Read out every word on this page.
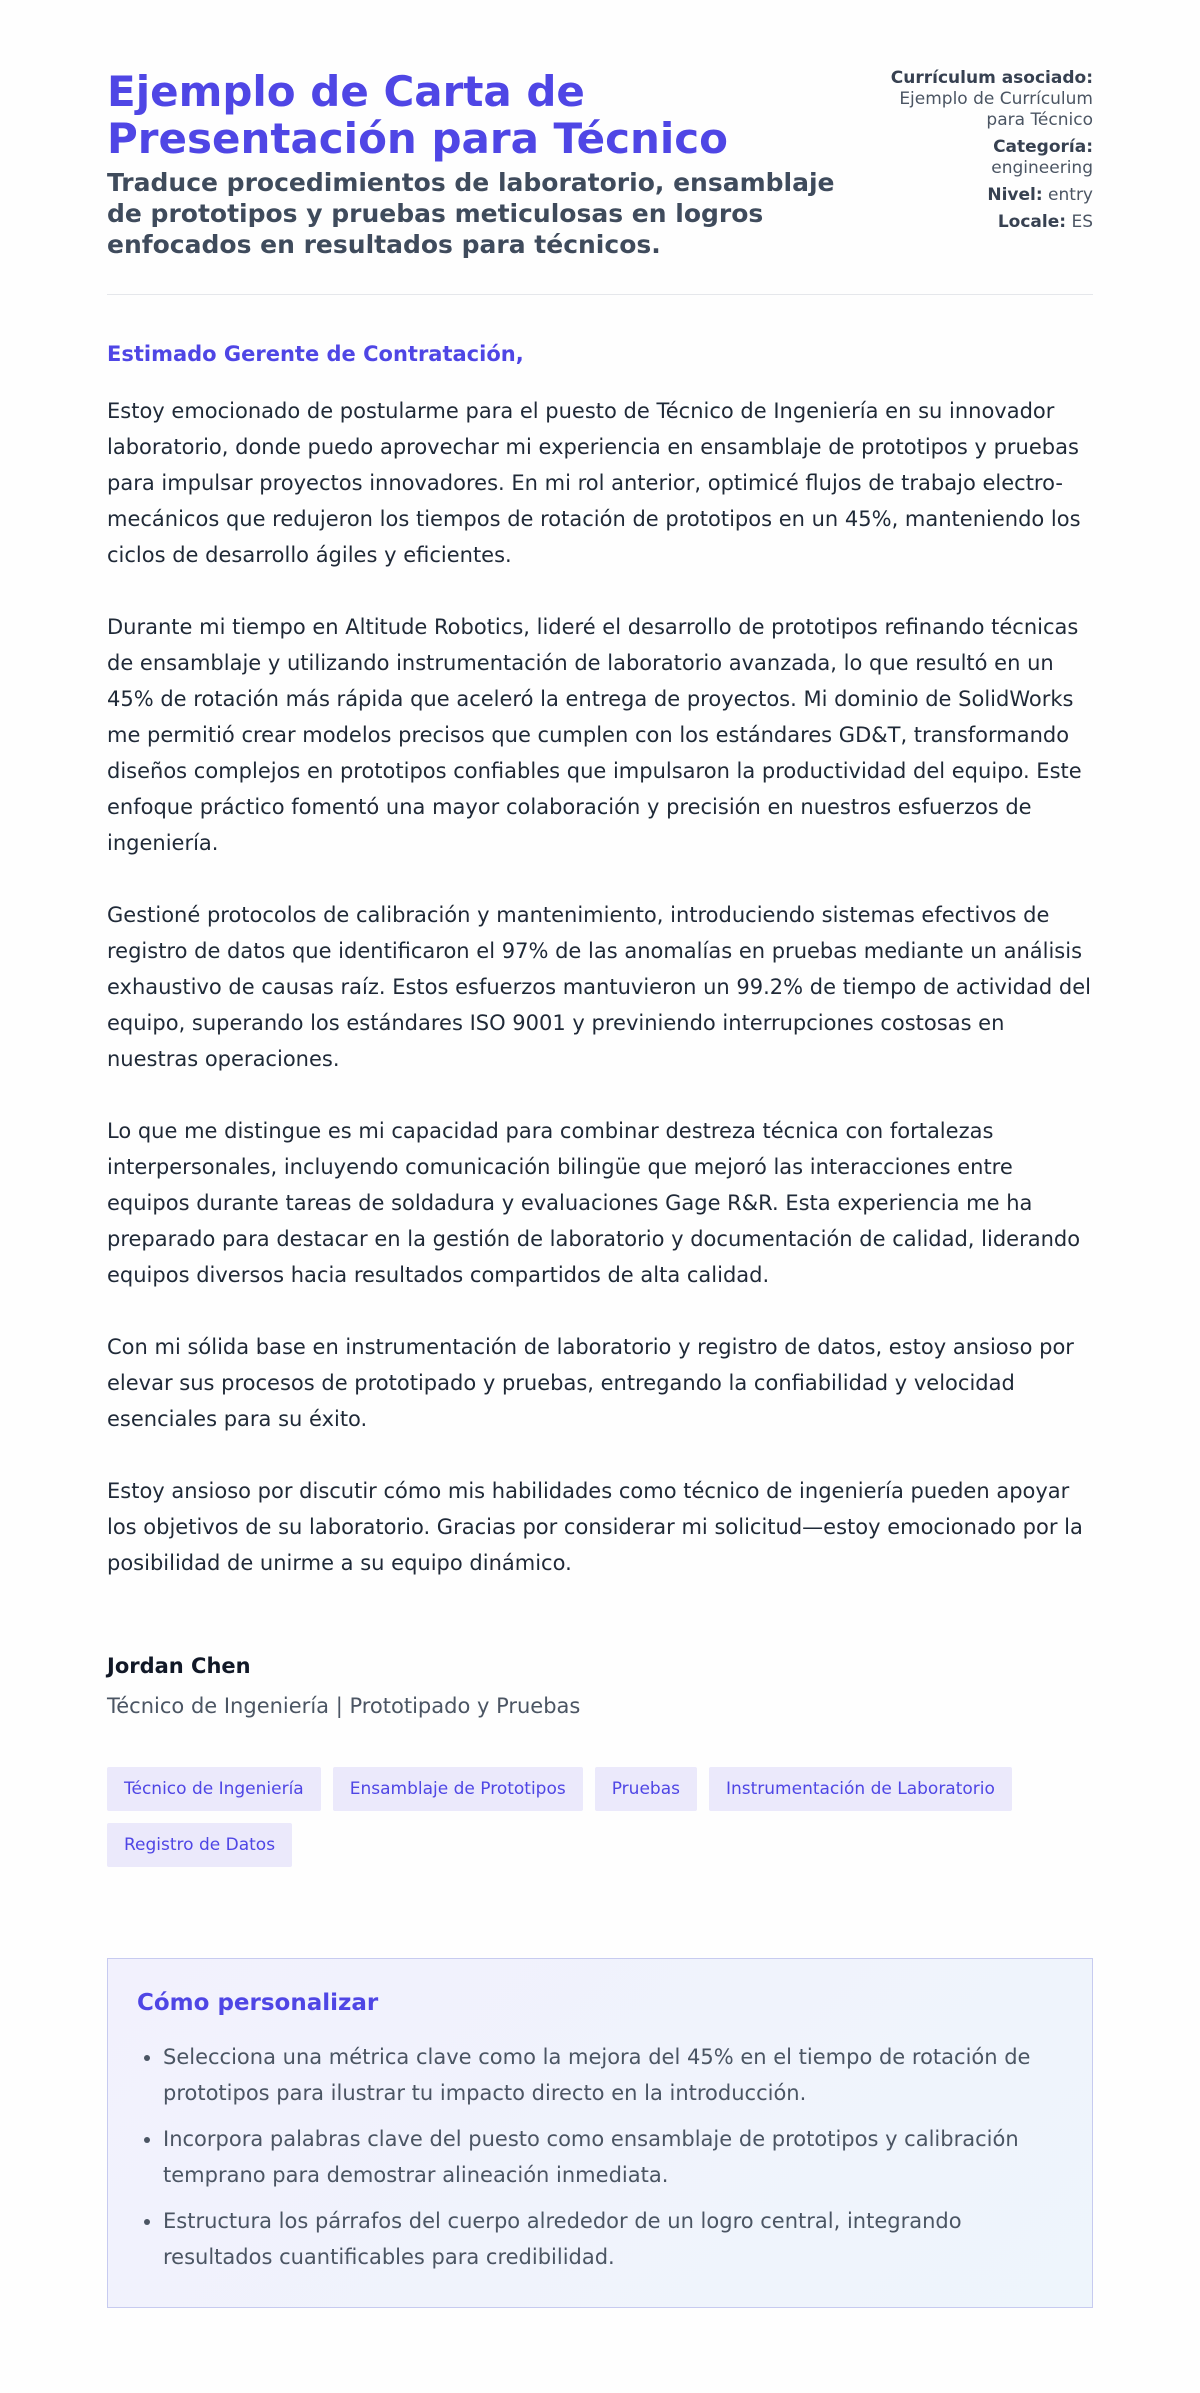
Ejemplo de Carta de Presentación para Técnico
Traduce procedimientos de laboratorio, ensamblaje de prototipos y pruebas meticulosas en logros enfocados en resultados para técnicos.
Currículum asociado: Ejemplo de Currículum para Técnico
Categoría:
engineering
Nivel: entry
Locale: ES

Estimado Gerente de Contratación,

Estoy emocionado de postularme para el puesto de Técnico de Ingeniería en su innovador laboratorio, donde puedo aprovechar mi experiencia en ensamblaje de prototipos y pruebas para impulsar proyectos innovadores. En mi rol anterior, optimicé flujos de trabajo electro-mecánicos que redujeron los tiempos de rotación de prototipos en un 45%, manteniendo los ciclos de desarrollo ágiles y eficientes.

Durante mi tiempo en Altitude Robotics, lideré el desarrollo de prototipos refinando técnicas de ensamblaje y utilizando instrumentación de laboratorio avanzada, lo que resultó en un 45% de rotación más rápida que aceleró la entrega de proyectos. Mi dominio de SolidWorks me permitió crear modelos precisos que cumplen con los estándares GD&T, transformando diseños complejos en prototipos confiables que impulsaron la productividad del equipo. Este enfoque práctico fomentó una mayor colaboración y precisión en nuestros esfuerzos de ingeniería.

Gestioné protocolos de calibración y mantenimiento, introduciendo sistemas efectivos de registro de datos que identificaron el 97% de las anomalías en pruebas mediante un análisis exhaustivo de causas raíz. Estos esfuerzos mantuvieron un 99.2% de tiempo de actividad del equipo, superando los estándares ISO 9001 y previniendo interrupciones costosas en nuestras operaciones.

Lo que me distingue es mi capacidad para combinar destreza técnica con fortalezas interpersonales, incluyendo comunicación bilingüe que mejoró las interacciones entre equipos durante tareas de soldadura y evaluaciones Gage R&R. Esta experiencia me ha preparado para destacar en la gestión de laboratorio y documentación de calidad, liderando equipos diversos hacia resultados compartidos de alta calidad.

Con mi sólida base en instrumentación de laboratorio y registro de datos, estoy ansioso por elevar sus procesos de prototipado y pruebas, entregando la confiabilidad y velocidad esenciales para su éxito.

Estoy ansioso por discutir cómo mis habilidades como técnico de ingeniería pueden apoyar los objetivos de su laboratorio. Gracias por considerar mi solicitud—estoy emocionado por la posibilidad de unirme a su equipo dinámico.

Jordan Chen

Técnico de Ingeniería | Prototipado y Pruebas

Técnico de Ingeniería	Ensamblaje de Prototipos	Pruebas	Instrumentación de Laboratorio
Registro de Datos
Cómo personalizar
• Selecciona una métrica clave como la mejora del 45% en el tiempo de rotación de prototipos para ilustrar tu impacto directo en la introducción.
• Incorpora palabras clave del puesto como ensamblaje de prototipos y calibración temprano para demostrar alineación inmediata.
• Estructura los párrafos del cuerpo alrededor de un logro central, integrando resultados cuantificables para credibilidad.
